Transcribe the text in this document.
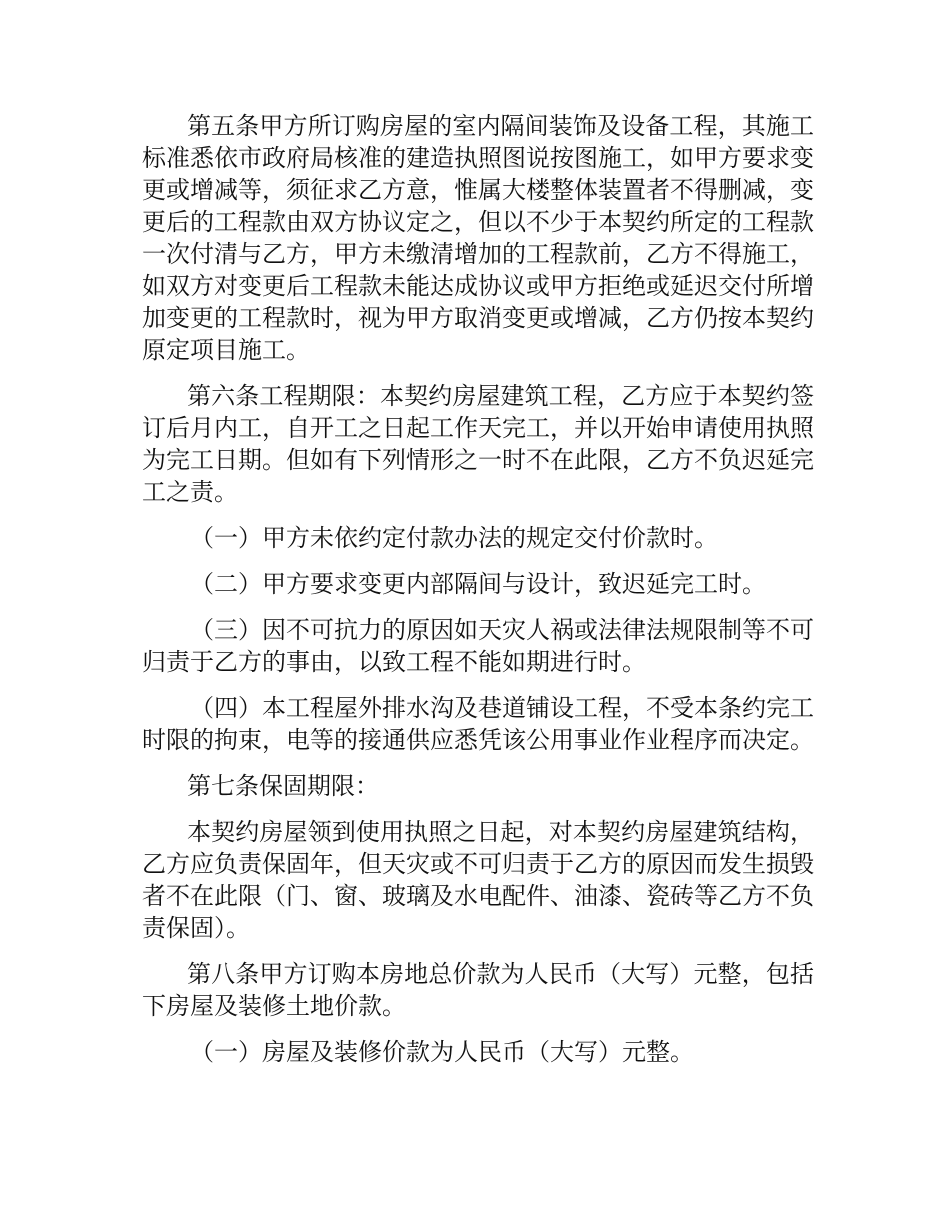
第五条甲方所订购房屋的室内隔间装饰及设备工程，其施工标准悉依市政府局核准的建造执照图说按图施工，如甲方要求变更或增减等，须征求乙方意，惟属大楼整体装置者不得删减，变更后的工程款由双方协议定之，但以不少于本契约所定的工程款一次付清与乙方，甲方未缴清增加的工程款前，乙方不得施工，如双方对变更后工程款未能达成协议或甲方拒绝或延迟交付所增加变更的工程款时，视为甲方取消变更或增减，乙方仍按本契约原定项目施工。

第六条工程期限：本契约房屋建筑工程，乙方应于本契约签订后月内工，自开工之日起工作天完工，并以开始申请使用执照为完工日期。但如有下列情形之一时不在此限，乙方不负迟延完工之责。

（一）甲方未依约定付款办法的规定交付价款时。

（二）甲方要求变更内部隔间与设计，致迟延完工时。

（三）因不可抗力的原因如天灾人祸或法律法规限制等不可归责于乙方的事由，以致工程不能如期进行时。

（四）本工程屋外排水沟及巷道铺设工程，不受本条约完工时限的拘束，电等的接通供应悉凭该公用事业作业程序而决定。

第七条保固期限：

本契约房屋领到使用执照之日起，对本契约房屋建筑结构，乙方应负责保固年，但天灾或不可归责于乙方的原因而发生损毁者不在此限（门、窗、玻璃及水电配件、油漆、瓷砖等乙方不负责保固）。

第八条甲方订购本房地总价款为人民币（大写）元整，包括下房屋及装修土地价款。

（一）房屋及装修价款为人民币（大写）元整。
